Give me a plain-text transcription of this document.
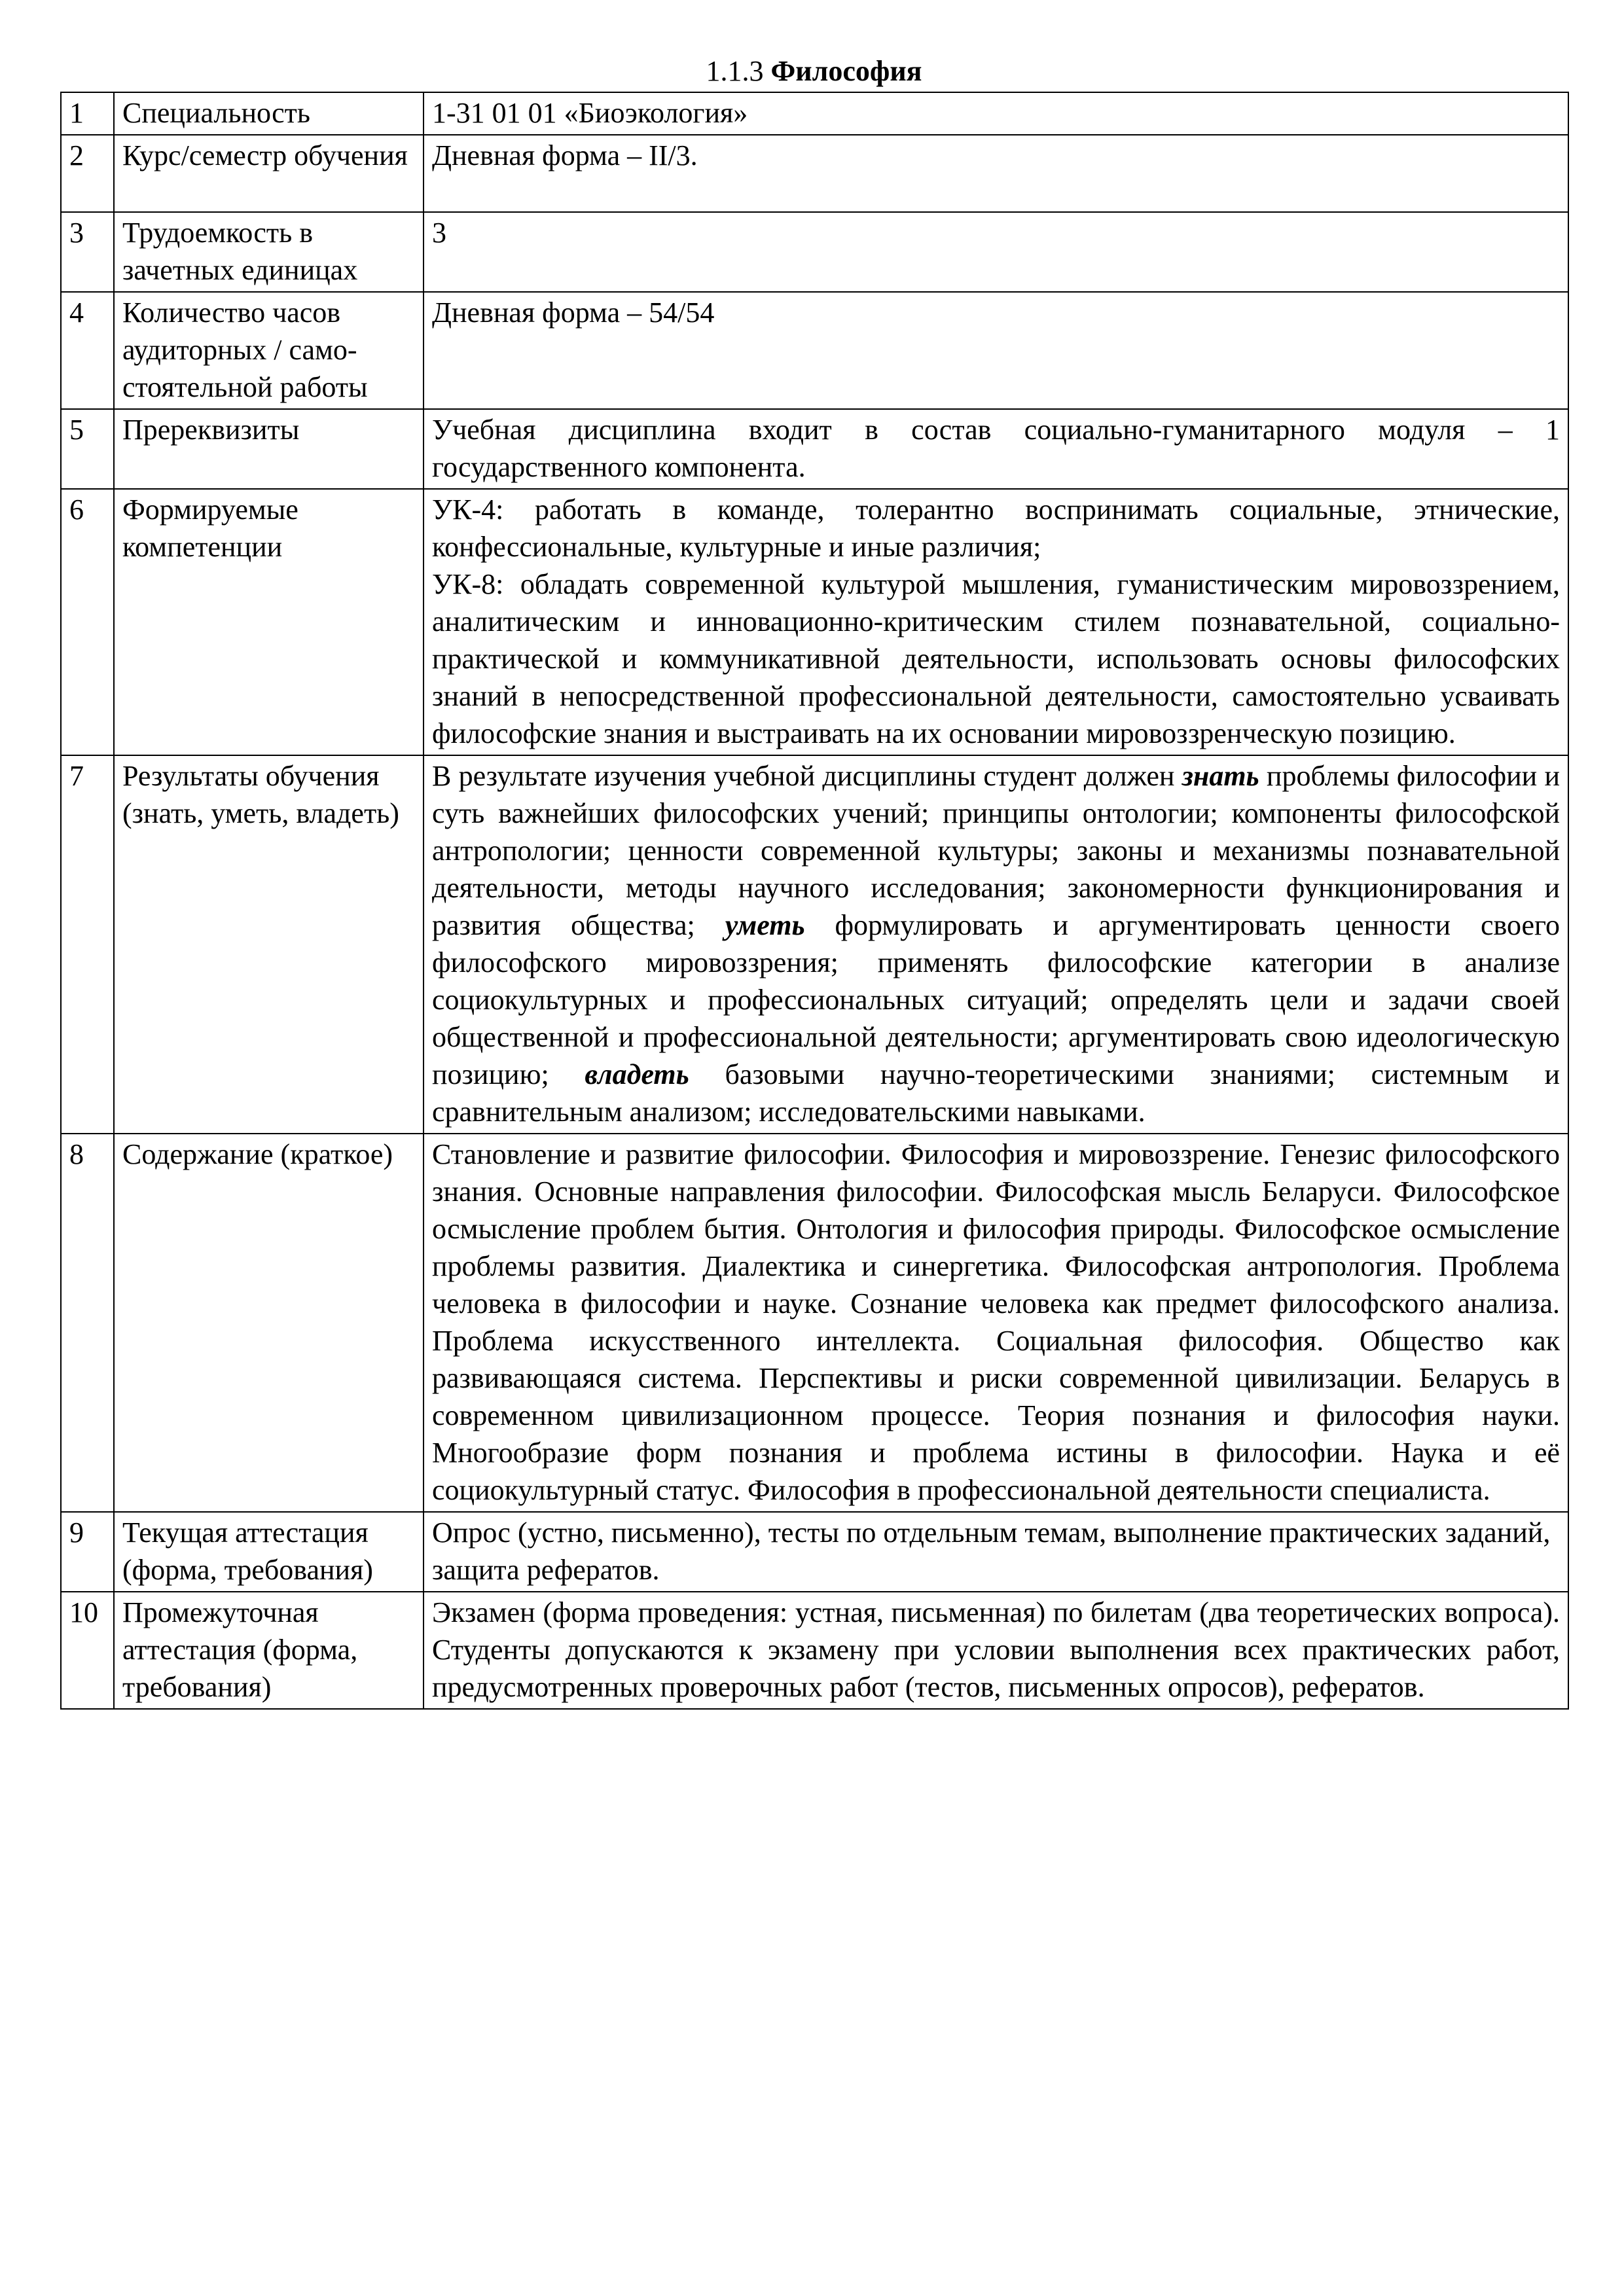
1.1.3 Философия
1	Специальность	1-31 01 01 «Биоэкология»
2	Курс/семестр обучения	Дневная форма – II/3.
3	Трудоемкость в зачетных единицах	3
4	Количество часов аудиторных / само-стоятельной работы	Дневная форма – 54/54
5	Пререквизиты	Учебная дисциплина входит в состав социально-гуманитарного модуля – 1 государственного компонента.
6	Формируемые компетенции	УК-4: работать в команде, толерантно воспринимать социальные, этнические, конфессиональные, культурные и иные различия;
УК-8: обладать современной культурой мышления, гуманистическим мировоззрением, аналитическим и инновационно-критическим стилем познавательной, социально-практической и коммуникативной деятельности, использовать основы философских знаний в непосредственной профессиональной деятельности, самостоятельно усваивать философские знания и выстраивать на их основании мировоззренческую позицию.

7	Результаты обучения (знать, уметь, владеть)	В результате изучения учебной дисциплины студент должен знать проблемы философии и суть важнейших философских учений; принципы онтологии; компоненты философской антропологии; ценности современной культуры; законы и механизмы познавательной деятельности, методы научного исследования; закономерности функционирования и развития общества; уметь формулировать и аргументировать ценности своего философского мировоззрения; применять философские категории в анализе социокультурных и профессиональных ситуаций; определять цели и задачи своей общественной и профессиональной деятельности; аргументировать свою идеологическую позицию; владеть базовыми научно-теоретическими знаниями; системным и сравнительным анализом; исследовательскими навыками.
8	Содержание (краткое)	Становление и развитие философии. Философия и мировоззрение. Генезис философского знания. Основные направления философии. Философская мысль Беларуси. Философское осмысление проблем бытия. Онтология и философия природы. Философское осмысление проблемы развития. Диалектика и синергетика. Философская антропология. Проблема человека в философии и науке. Сознание человека как предмет философского анализа. Проблема искусственного интеллекта. Социальная философия. Общество как развивающаяся система. Перспективы и риски современной цивилизации. Беларусь в современном цивилизационном процессе. Теория познания и философия науки. Многообразие форм познания и проблема истины в философии. Наука и её социокультурный статус. Философия в профессиональной деятельности специалиста.
9	Текущая аттестация (форма, требования)	Опрос (устно, письменно), тесты по отдельным темам, выполнение практических заданий, защита рефератов.
10	Промежуточная аттестация (форма, требования)	Экзамен (форма проведения: устная, письменная) по билетам (два теоретических вопроса). Студенты допускаются к экзамену при условии выполнения всех практических работ, предусмотренных проверочных работ (тестов, письменных опросов), рефератов.
